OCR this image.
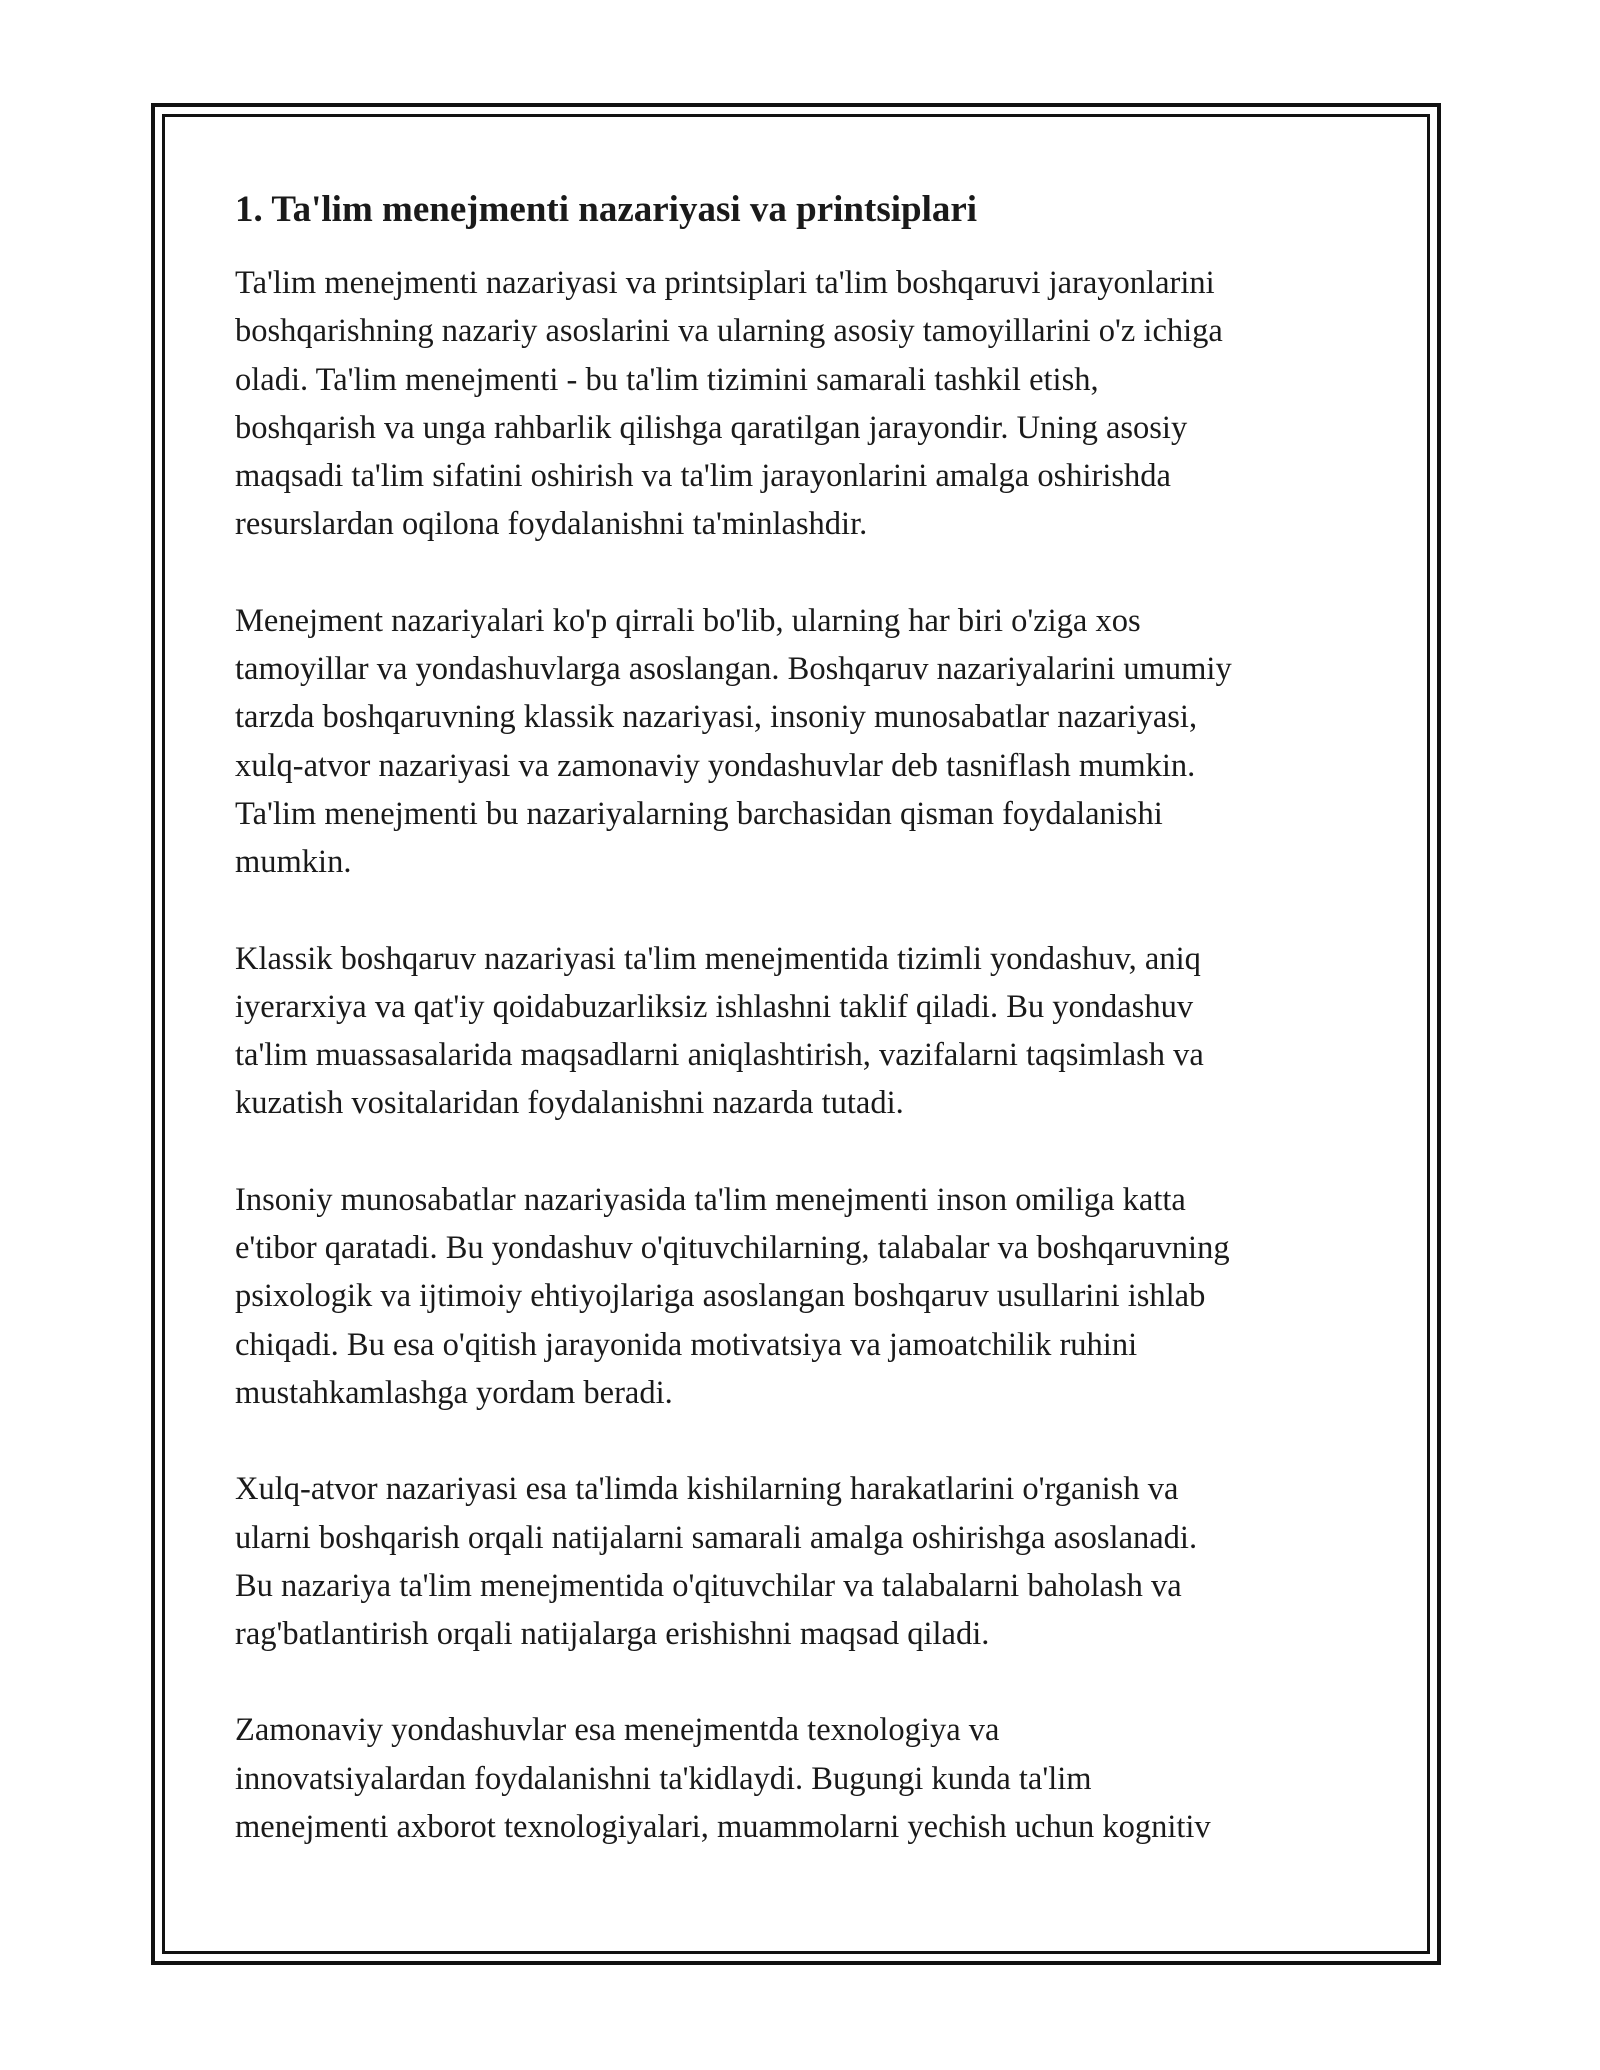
1. Ta'lim menejmenti nazariyasi va printsiplari

Ta'lim menejmenti nazariyasi va printsiplari ta'lim boshqaruvi jarayonlarini
boshqarishning nazariy asoslarini va ularning asosiy tamoyillarini o'z ichiga
oladi. Ta'lim menejmenti - bu ta'lim tizimini samarali tashkil etish,
boshqarish va unga rahbarlik qilishga qaratilgan jarayondir. Uning asosiy
maqsadi ta'lim sifatini oshirish va ta'lim jarayonlarini amalga oshirishda
resurslardan oqilona foydalanishni ta'minlashdir.

Menejment nazariyalari ko'p qirrali bo'lib, ularning har biri o'ziga xos
tamoyillar va yondashuvlarga asoslangan. Boshqaruv nazariyalarini umumiy
tarzda boshqaruvning klassik nazariyasi, insoniy munosabatlar nazariyasi,
xulq-atvor nazariyasi va zamonaviy yondashuvlar deb tasniflash mumkin.
Ta'lim menejmenti bu nazariyalarning barchasidan qisman foydalanishi
mumkin.

Klassik boshqaruv nazariyasi ta'lim menejmentida tizimli yondashuv, aniq
iyerarxiya va qat'iy qoidabuzarliksiz ishlashni taklif qiladi. Bu yondashuv
ta'lim muassasalarida maqsadlarni aniqlashtirish, vazifalarni taqsimlash va
kuzatish vositalaridan foydalanishni nazarda tutadi.

Insoniy munosabatlar nazariyasida ta'lim menejmenti inson omiliga katta
e'tibor qaratadi. Bu yondashuv o'qituvchilarning, talabalar va boshqaruvning
psixologik va ijtimoiy ehtiyojlariga asoslangan boshqaruv usullarini ishlab
chiqadi. Bu esa o'qitish jarayonida motivatsiya va jamoatchilik ruhini
mustahkamlashga yordam beradi.

Xulq-atvor nazariyasi esa ta'limda kishilarning harakatlarini o'rganish va
ularni boshqarish orqali natijalarni samarali amalga oshirishga asoslanadi.
Bu nazariya ta'lim menejmentida o'qituvchilar va talabalarni baholash va
rag'batlantirish orqali natijalarga erishishni maqsad qiladi.

Zamonaviy yondashuvlar esa menejmentda texnologiya va
innovatsiyalardan foydalanishni ta'kidlaydi. Bugungi kunda ta'lim
menejmenti axborot texnologiyalari, muammolarni yechish uchun kognitiv
